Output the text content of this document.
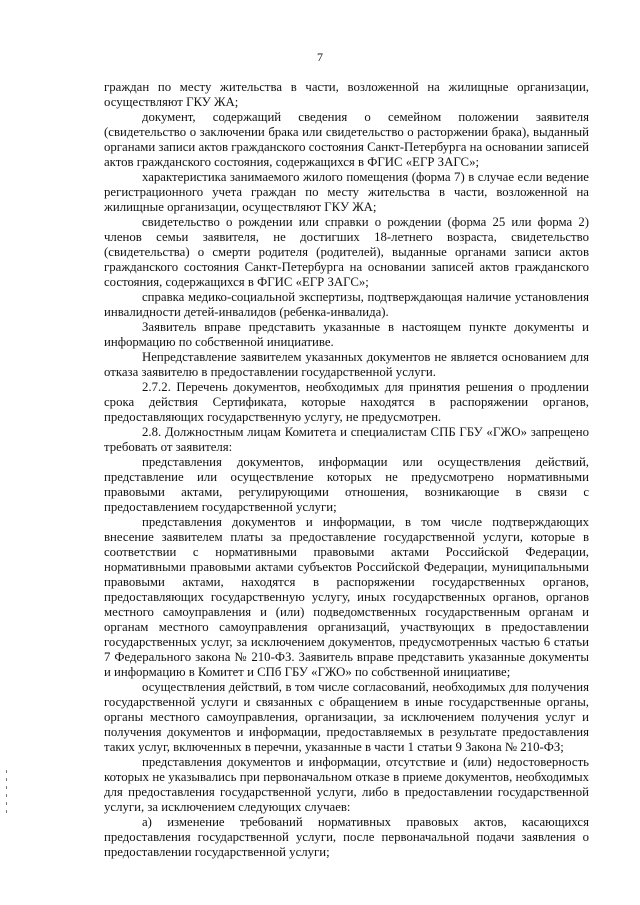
7

граждан по месту жительства в части, возложенной на жилищные организации, осуществляют ГКУ ЖА;

документ, содержащий сведения о семейном положении заявителя (свидетельство о заключении брака или свидетельство о расторжении брака), выданный органами записи актов гражданского состояния Санкт-Петербурга на основании записей актов гражданского состояния, содержащихся в ФГИС «ЕГР ЗАГС»;

характеристика занимаемого жилого помещения (форма 7) в случае если ведение регистрационного учета граждан по месту жительства в части, возложенной на жилищные организации, осуществляют ГКУ ЖА;

свидетельство о рождении или справки о рождении (форма 25 или форма 2) членов семьи заявителя, не достигших 18-летнего возраста, свидетельство (свидетельства) о смерти родителя (родителей), выданные органами записи актов гражданского состояния Санкт-Петербурга на основании записей актов гражданского состояния, содержащихся в ФГИС «ЕГР ЗАГС»;

справка медико-социальной экспертизы, подтверждающая наличие установления инвалидности детей-инвалидов (ребенка-инвалида).

Заявитель вправе представить указанные в настоящем пункте документы и информацию по собственной инициативе.

Непредставление заявителем указанных документов не является основанием для отказа заявителю в предоставлении государственной услуги.

2.7.2. Перечень документов, необходимых для принятия решения о продлении срока действия Сертификата, которые находятся в распоряжении органов, предоставляющих государственную услугу, не предусмотрен.

2.8. Должностным лицам Комитета и специалистам СПБ ГБУ «ГЖО» запрещено требовать от заявителя:

представления документов, информации или осуществления действий, представление или осуществление которых не предусмотрено нормативными правовыми актами, регулирующими отношения, возникающие в связи с предоставлением государственной услуги;

представления документов и информации, в том числе подтверждающих внесение заявителем платы за предоставление государственной услуги, которые в соответствии с нормативными правовыми актами Российской Федерации, нормативными правовыми актами субъектов Российской Федерации, муниципальными правовыми актами, находятся в распоряжении государственных органов, предоставляющих государственную услугу, иных государственных органов, органов местного самоуправления и (или) подведомственных государственным органам и органам местного самоуправления организаций, участвующих в предоставлении государственных услуг, за исключением документов, предусмотренных частью 6 статьи 7 Федерального закона № 210-ФЗ. Заявитель вправе представить указанные документы и информацию в Комитет и СПб ГБУ «ГЖО» по собственной инициативе;

осуществления действий, в том числе согласований, необходимых для получения государственной услуги и связанных с обращением в иные государственные органы, органы местного самоуправления, организации, за исключением получения услуг и получения документов и информации, предоставляемых в результате предоставления таких услуг, включенных в перечни, указанные в части 1 статьи 9 Закона № 210-ФЗ;

представления документов и информации, отсутствие и (или) недостоверность которых не указывались при первоначальном отказе в приеме документов, необходимых для предоставления государственной услуги, либо в предоставлении государственной услуги, за исключением следующих случаев:

а) изменение требований нормативных правовых актов, касающихся предоставления государственной услуги, после первоначальной подачи заявления о предоставлении государственной услуги;
